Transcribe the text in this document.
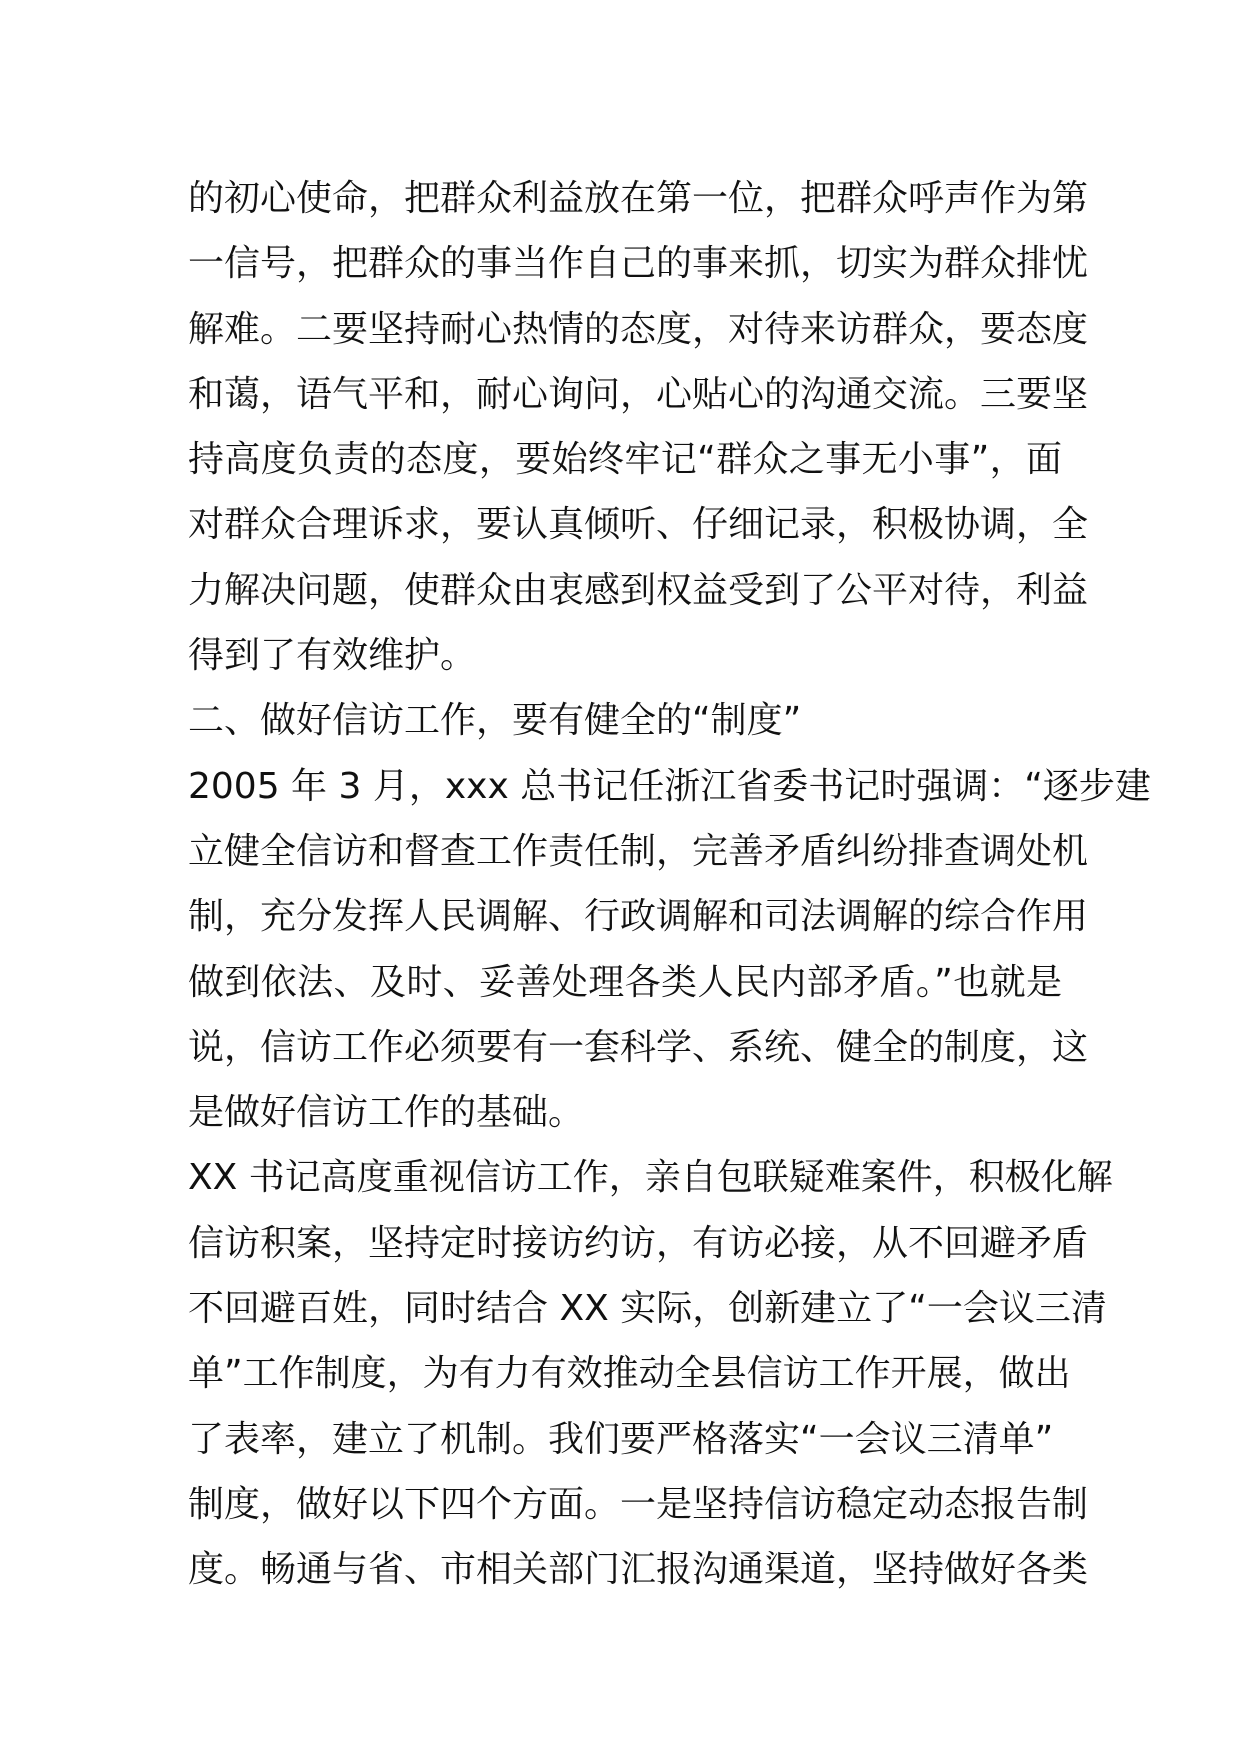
的初心使命，把群众利益放在第一位，把群众呼声作为第
一信号，把群众的事当作自己的事来抓，切实为群众排忧
解难。二要坚持耐心热情的态度，对待来访群众，要态度
和蔼，语气平和，耐心询问，心贴心的沟通交流。三要坚
持高度负责的态度，要始终牢记“群众之事无小事”，面
对群众合理诉求，要认真倾听、仔细记录，积极协调，全
力解决问题，使群众由衷感到权益受到了公平对待，利益
得到了有效维护。
二、做好信访工作，要有健全的“制度”
2005 年 3 月，xxx 总书记任浙江省委书记时强调：“逐步建
立健全信访和督查工作责任制，完善矛盾纠纷排查调处机
制，充分发挥人民调解、行政调解和司法调解的综合作用
做到依法、及时、妥善处理各类人民内部矛盾。”也就是
说，信访工作必须要有一套科学、系统、健全的制度，这
是做好信访工作的基础。
XX 书记高度重视信访工作，亲自包联疑难案件，积极化解
信访积案，坚持定时接访约访，有访必接，从不回避矛盾
不回避百姓，同时结合 XX 实际，创新建立了“一会议三清
单”工作制度，为有力有效推动全县信访工作开展，做出
了表率，建立了机制。我们要严格落实“一会议三清单”
制度，做好以下四个方面。一是坚持信访稳定动态报告制
度。畅通与省、市相关部门汇报沟通渠道，坚持做好各类
